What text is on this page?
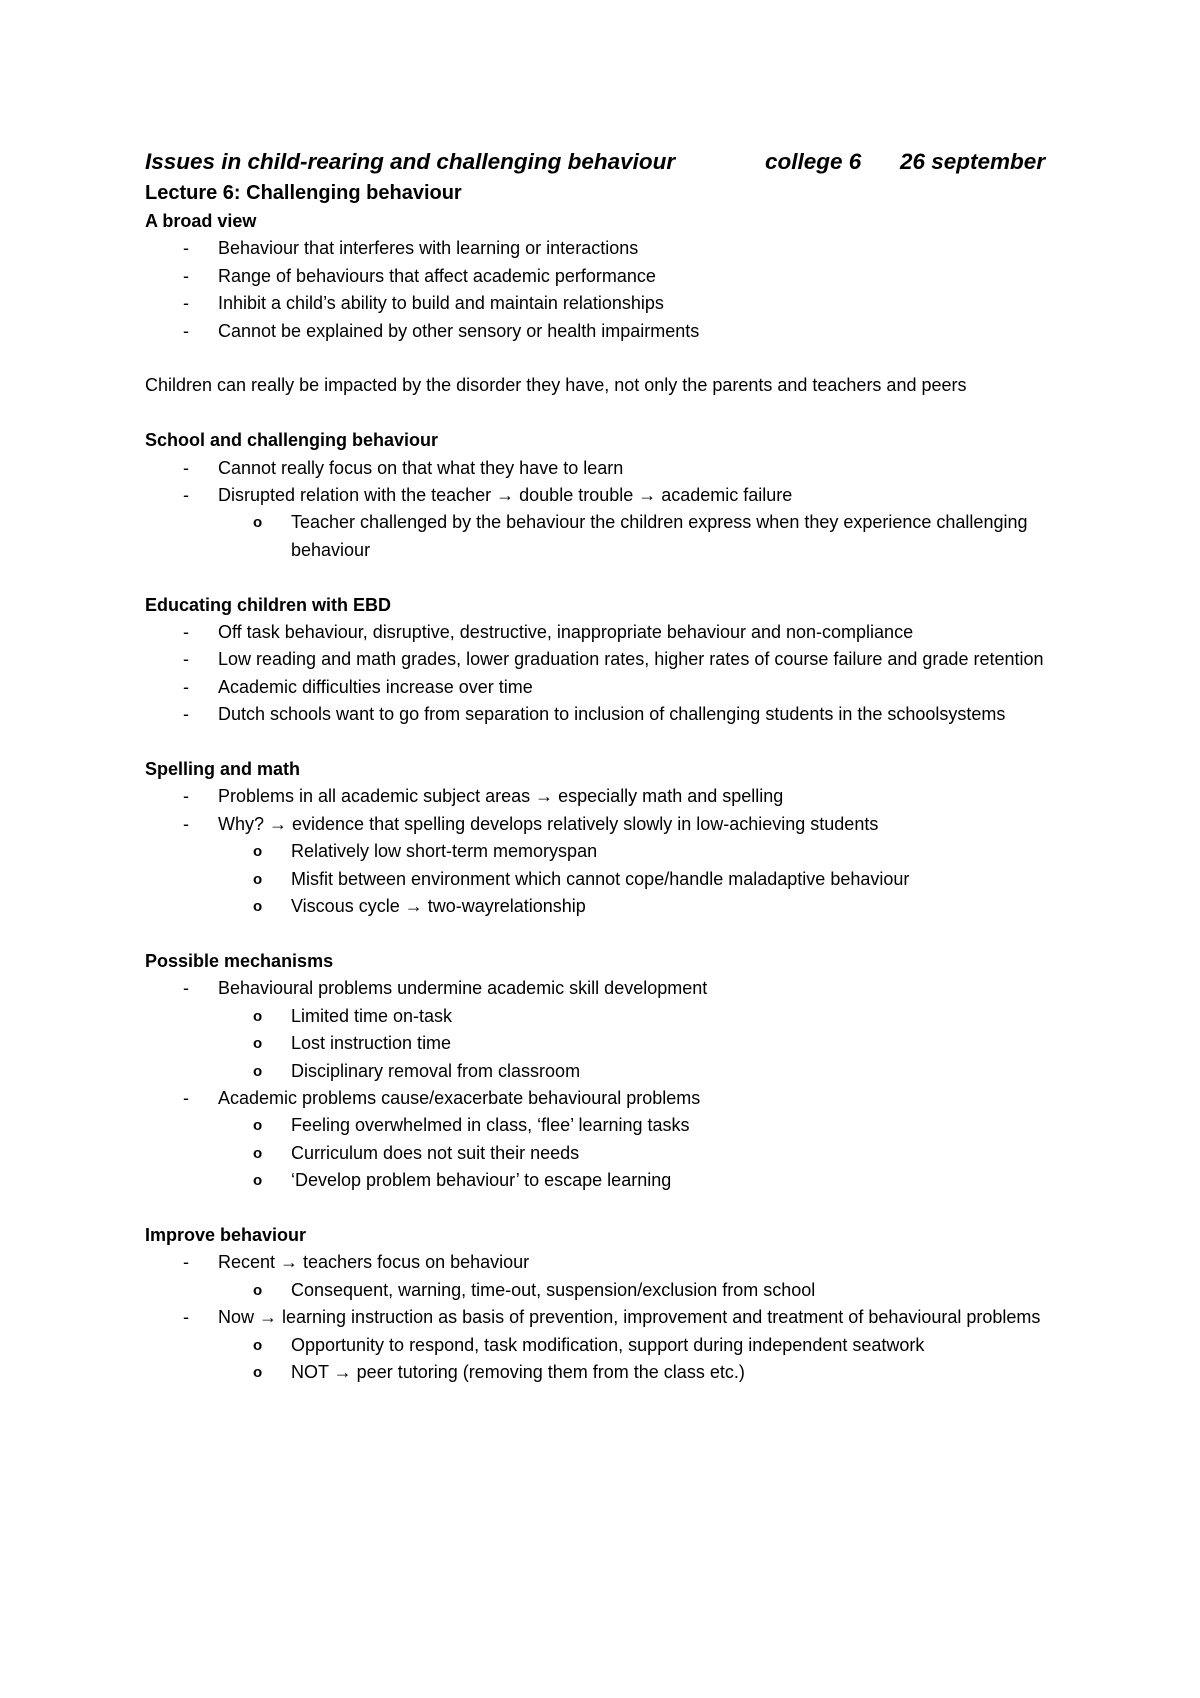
Issues in child-rearing and challenging behaviour	college 6 26 september
Lecture 6: Challenging behaviour
A broad view
- Behaviour that interferes with learning or interactions
- Range of behaviours that affect academic performance
- Inhibit a child’s ability to build and maintain relationships
- Cannot be explained by other sensory or health impairments

Children can really be impacted by the disorder they have, not only the parents and teachers and peers

School and challenging behaviour
- Cannot really focus on that what they have to learn
- Disrupted relation with the teacher → double trouble → academic failure
o Teacher challenged by the behaviour the children express when they experience challenging behaviour
Educating children with EBD
- Off task behaviour, disruptive, destructive, inappropriate behaviour and non-compliance
- Low reading and math grades, lower graduation rates, higher rates of course failure and grade retention
- Academic difficulties increase over time
- Dutch schools want to go from separation to inclusion of challenging students in the schoolsystems
Spelling and math
- Problems in all academic subject areas → especially math and spelling
- Why? → evidence that spelling develops relatively slowly in low-achieving students
o Relatively low short-term memoryspan
o Misfit between environment which cannot cope/handle maladaptive behaviour
o Viscous cycle → two-wayrelationship
Possible mechanisms
- Behavioural problems undermine academic skill development
o Limited time on-task
o Lost instruction time
o Disciplinary removal from classroom
- Academic problems cause/exacerbate behavioural problems
o Feeling overwhelmed in class, ‘flee’ learning tasks
o Curriculum does not suit their needs
o ‘Develop problem behaviour’ to escape learning
Improve behaviour
- Recent → teachers focus on behaviour
o Consequent, warning, time-out, suspension/exclusion from school
- Now → learning instruction as basis of prevention, improvement and treatment of behavioural problems
o Opportunity to respond, task modification, support during independent seatwork
o NOT → peer tutoring (removing them from the class etc.)
